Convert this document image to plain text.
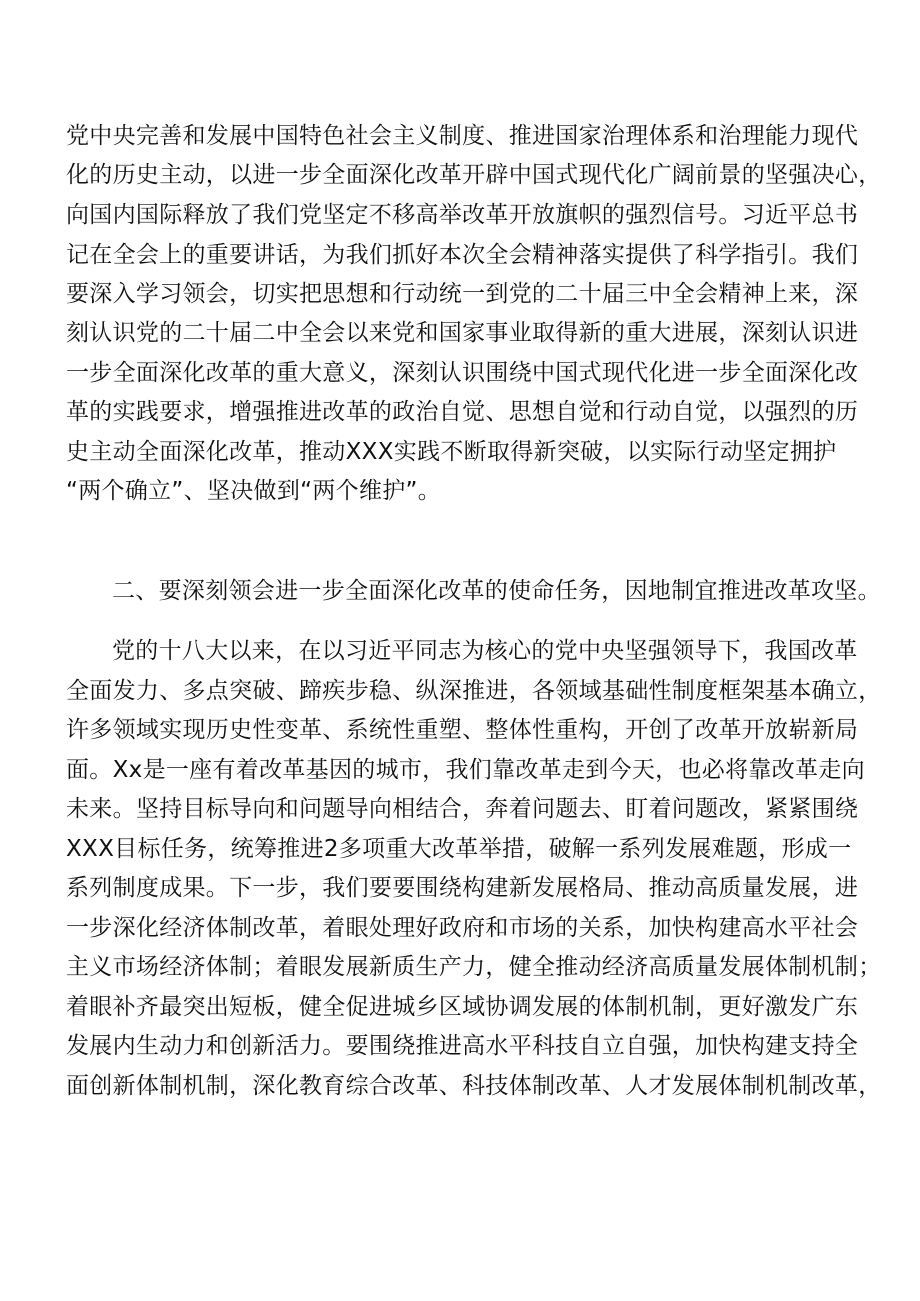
党中央完善和发展中国特色社会主义制度、推进国家治理体系和治理能力现代
化的历史主动，以进一步全面深化改革开辟中国式现代化广阔前景的坚强决心，
向国内国际释放了我们党坚定不移高举改革开放旗帜的强烈信号。习近平总书
记在全会上的重要讲话，为我们抓好本次全会精神落实提供了科学指引。我们
要深入学习领会，切实把思想和行动统一到党的二十届三中全会精神上来，深
刻认识党的二十届二中全会以来党和国家事业取得新的重大进展，深刻认识进
一步全面深化改革的重大意义，深刻认识围绕中国式现代化进一步全面深化改
革的实践要求，增强推进改革的政治自觉、思想自觉和行动自觉，以强烈的历
史主动全面深化改革，推动XXX实践不断取得新突破，以实际行动坚定拥护
“两个确立”、坚决做到“两个维护”。
二、要深刻领会进一步全面深化改革的使命任务，因地制宜推进改革攻坚。
党的十八大以来，在以习近平同志为核心的党中央坚强领导下，我国改革
全面发力、多点突破、蹄疾步稳、纵深推进，各领域基础性制度框架基本确立，
许多领域实现历史性变革、系统性重塑、整体性重构，开创了改革开放崭新局
面。Xx是一座有着改革基因的城市，我们靠改革走到今天，也必将靠改革走向
未来。坚持目标导向和问题导向相结合，奔着问题去、盯着问题改，紧紧围绕
XXX目标任务，统筹推进2多项重大改革举措，破解一系列发展难题，形成一
系列制度成果。下一步，我们要要围绕构建新发展格局、推动高质量发展，进
一步深化经济体制改革，着眼处理好政府和市场的关系，加快构建高水平社会
主义市场经济体制；着眼发展新质生产力，健全推动经济高质量发展体制机制；
着眼补齐最突出短板，健全促进城乡区域协调发展的体制机制，更好激发广东
发展内生动力和创新活力。要围绕推进高水平科技自立自强，加快构建支持全
面创新体制机制，深化教育综合改革、科技体制改革、人才发展体制机制改革，
